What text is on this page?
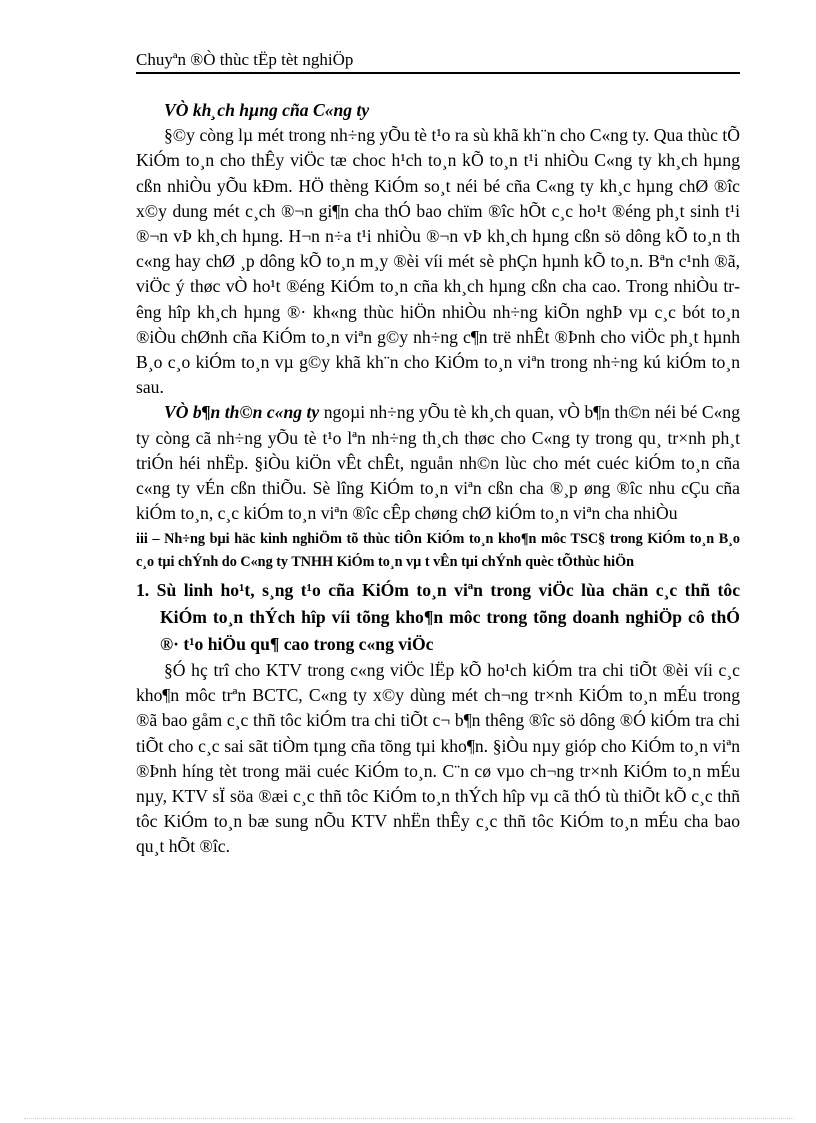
Chuyªn ®Ò thùc tËp tèt nghiÖp

VÒ kh¸ch hµng cña C«ng ty

§©y còng lµ mét trong nh÷ng yÕu tè t¹o ra sù khã kh¨n cho C«ng ty. Qua thùc tÕ KiÓm to¸n cho thÊy viÖc tæ choc h¹ch to¸n kÕ to¸n t¹i nhiÒu C«ng ty kh¸ch hµng cßn nhiÒu yÕu kÐm. HÖ thèng KiÓm so¸t néi bé cña C«ng ty kh¸c hµng chØ ®îc x©y dung mét c¸ch ®¬n gi¶n cha thÓ bao chïm ®îc hÕt c¸c ho¹t ®éng ph¸t sinh t¹i ®¬n vÞ kh¸ch hµng. H¬n n÷a t¹i nhiÒu ®¬n vÞ kh¸ch hµng cßn sö dông kÕ to¸n th c«ng hay chØ ¸p dông kÕ to¸n m¸y ®èi víi mét sè phÇn hµnh kÕ to¸n. Bªn c¹nh ®ã, viÖc ý thøc vÒ ho¹t ®éng KiÓm to¸n cña kh¸ch hµng cßn cha cao. Trong nhiÒu trêng hîp kh¸ch hµng ®· kh«ng thùc hiÖn nhiÒu nh÷ng kiÕn nghÞ vµ c¸c bót to¸n ®iÒu chØnh cña KiÓm to¸n viªn g©y nh÷ng c¶n trë nhÊt ®Þnh cho viÖc ph¸t hµnh B¸o c¸o kiÓm to¸n vµ g©y khã kh¨n cho KiÓm to¸n viªn trong nh÷ng kú kiÓm to¸n sau.

VÒ b¶n th©n c«ng ty ngoµi nh÷ng yÕu tè kh¸ch quan, vÒ b¶n th©n néi bé C«ng ty còng cã nh÷ng yÕu tè t¹o lªn nh÷ng th¸ch thøc cho C«ng ty trong qu¸ tr×nh ph¸t triÓn héi nhËp. §iÒu kiÖn vÊt chÊt, nguån nh©n lùc cho mét cuéc kiÓm to¸n cña c«ng ty vÉn cßn thiÕu. Sè lîng KiÓm to¸n viªn cßn cha ®¸p øng ®îc nhu cÇu cña kiÓm to¸n, c¸c kiÓm to¸n viªn ®îc cÊp chøng chØ kiÓm to¸n viªn cha nhiÒu

iii – Nh÷ng bµi häc kinh nghiÖm tõ thùc tiÔn KiÓm to¸n kho¶n môc TSC§ trong KiÓm to¸n B¸o c¸o tµi chÝnh do C«ng ty TNHH KiÓm to¸n vµ t vÊn tµi chÝnh quèc tÕthùc hiÖn

1. Sù linh ho¹t, s¸ng t¹o cña KiÓm to¸n viªn trong viÖc lùa chän c¸c thñ tôc KiÓm to¸n thÝch hîp víi tõng kho¶n môc trong tõng doanh nghiÖp cô thÓ ®· t¹o hiÖu qu¶ cao trong c«ng viÖc

§Ó hç trî cho KTV trong c«ng viÖc lËp kÕ ho¹ch kiÓm tra chi tiÕt ®èi víi c¸c kho¶n môc trªn BCTC, C«ng ty x©y dùng mét ch¬ng tr×nh KiÓm to¸n mÉu trong ®ã bao gåm c¸c thñ tôc kiÓm tra chi tiÕt c¬ b¶n thêng ®îc sö dông ®Ó kiÓm tra chi tiÕt cho c¸c sai sãt tiÒm tµng cña tõng tµi kho¶n. §iÒu nµy gióp cho KiÓm to¸n viªn ®Þnh híng tèt trong mäi cuéc KiÓm to¸n. C¨n cø vµo ch¬ng tr×nh KiÓm to¸n mÉu nµy, KTV sÏ söa ®æi c¸c thñ tôc KiÓm to¸n thÝch hîp vµ cã thÓ tù thiÕt kÕ c¸c thñ tôc KiÓm to¸n bæ sung nÕu KTV nhËn thÊy c¸c thñ tôc KiÓm to¸n mÉu cha bao qu¸t hÕt ®îc.
